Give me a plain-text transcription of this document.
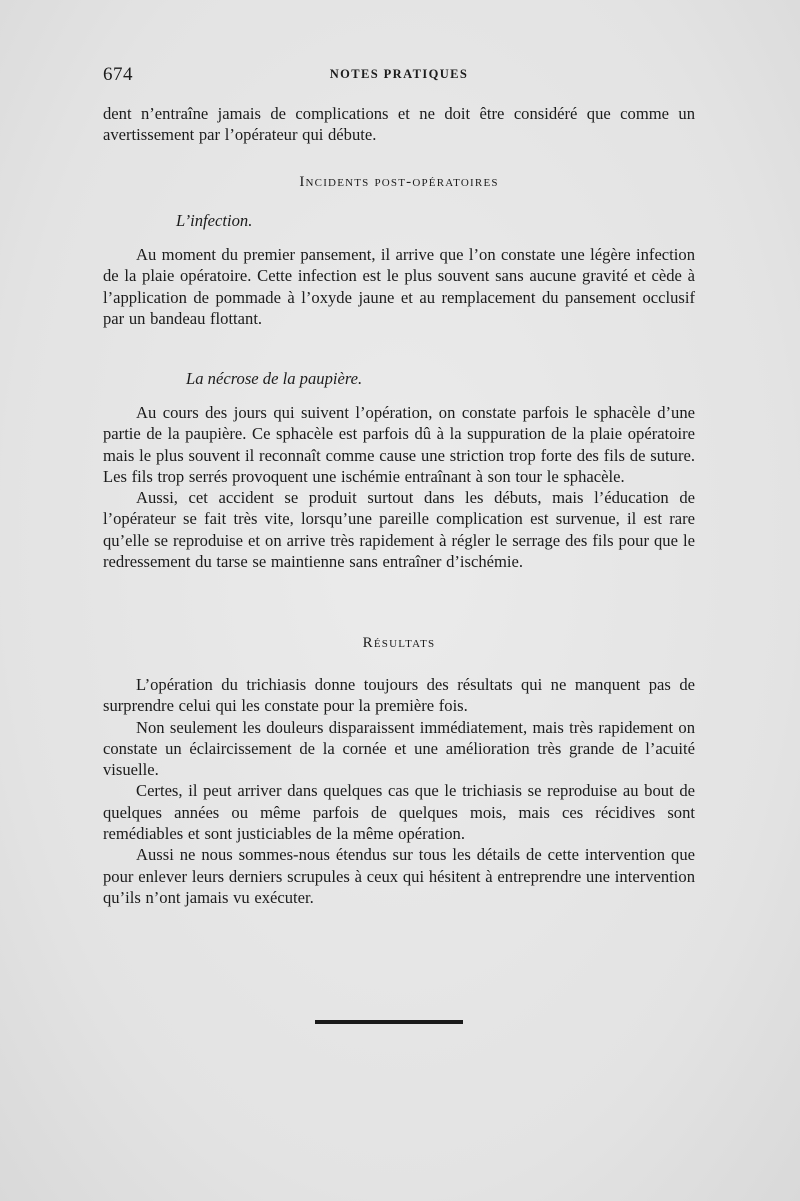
674	NOTES PRATIQUES

dent n’entraîne jamais de complications et ne doit être considéré que comme un avertissement par l’opérateur qui débute.

Incidents post-opératoires
L’infection.

Au moment du premier pansement, il arrive que l’on constate une légère infection de la plaie opératoire. Cette infection est le plus souvent sans aucune gravité et cède à l’application de pommade à l’oxyde jaune et au remplacement du pansement occlusif par un bandeau flottant.

La nécrose de la paupière.

Au cours des jours qui suivent l’opération, on constate parfois le sphacèle d’une partie de la paupière. Ce sphacèle est parfois dû à la suppuration de la plaie opératoire mais le plus souvent il reconnaît comme cause une striction trop forte des fils de suture. Les fils trop serrés provoquent une ischémie entraînant à son tour le sphacèle.

Aussi, cet accident se produit surtout dans les débuts, mais l’éducation de l’opérateur se fait très vite, lorsqu’une pareille complication est survenue, il est rare qu’elle se reproduise et on arrive très rapidement à régler le serrage des fils pour que le redressement du tarse se maintienne sans entraîner d’ischémie.

Résultats

L’opération du trichiasis donne toujours des résultats qui ne manquent pas de surprendre celui qui les constate pour la première fois.

Non seulement les douleurs disparaissent immédiatement, mais très rapidement on constate un éclaircissement de la cornée et une amélioration très grande de l’acuité visuelle.

Certes, il peut arriver dans quelques cas que le trichiasis se reproduise au bout de quelques années ou même parfois de quelques mois, mais ces récidives sont remédiables et sont justiciables de la même opération.

Aussi ne nous sommes-nous étendus sur tous les détails de cette intervention que pour enlever leurs derniers scrupules à ceux qui hésitent à entreprendre une intervention qu’ils n’ont jamais vu exécuter.
